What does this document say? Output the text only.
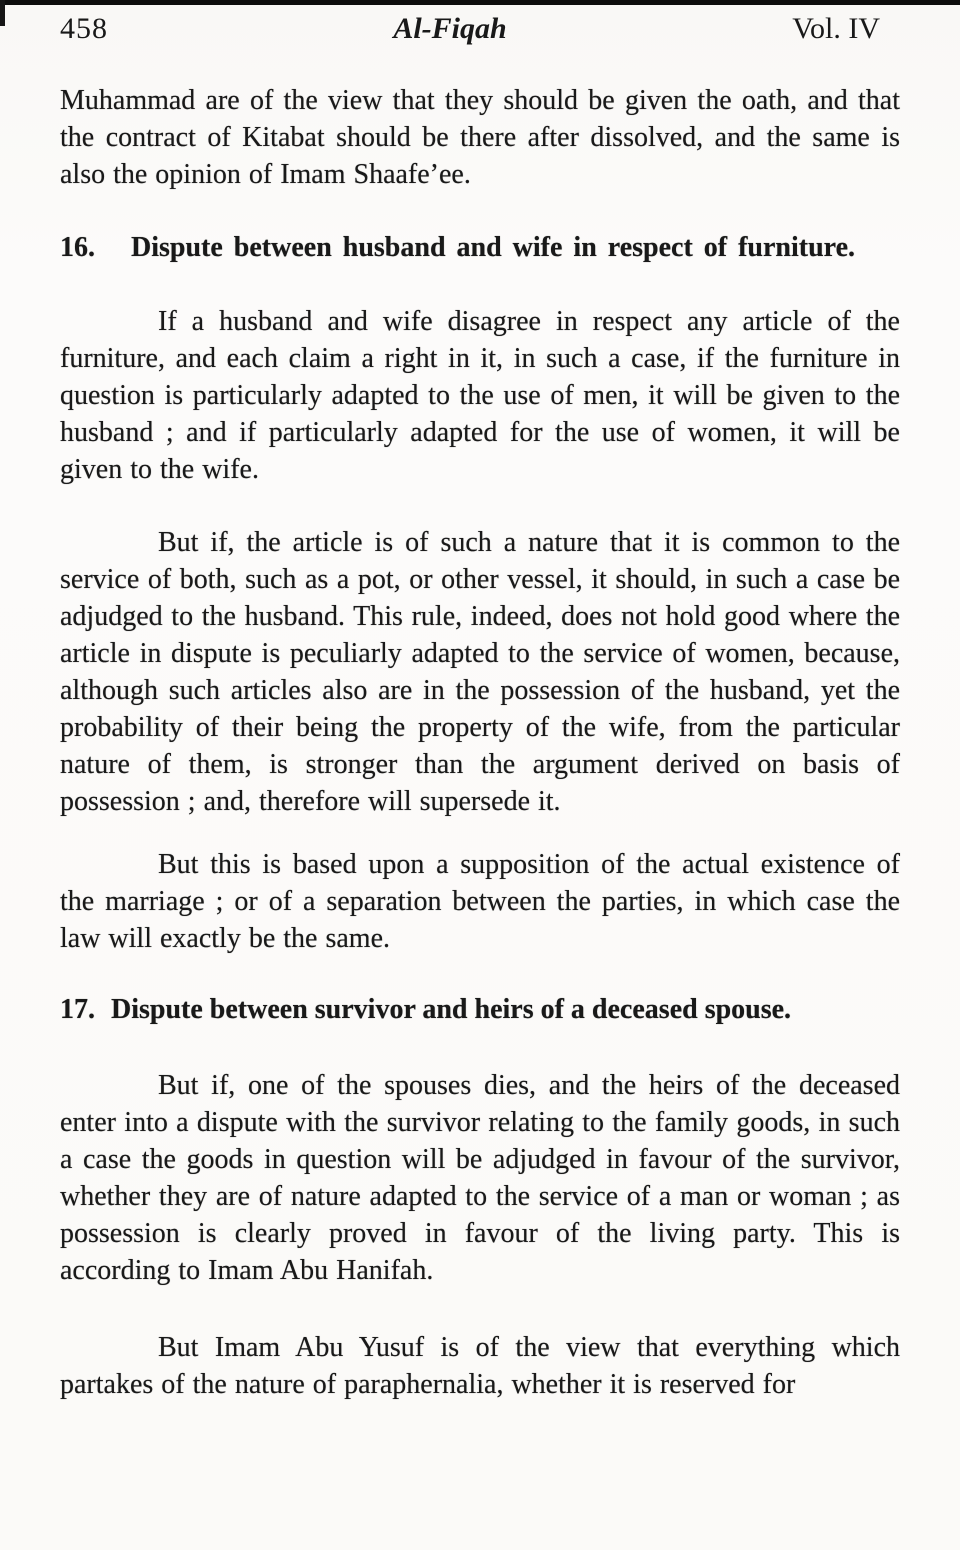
458	Al-Fiqah	Vol. IV

Muhammad are of the view that they should be given the oath, and that the contract of Kitabat should be there after dissolved, and the same is also the opinion of Imam Shaafe’ee.

16. Dispute between husband and wife in respect of furniture.

If a husband and wife disagree in respect any article of the furniture, and each claim a right in it, in such a case, if the furniture in question is particularly adapted to the use of men, it will be given to the husband ; and if particularly adapted for the use of women, it will be given to the wife.

But if, the article is of such a nature that it is common to the service of both, such as a pot, or other vessel, it should, in such a case be adjudged to the husband. This rule, indeed, does not hold good where the article in dispute is peculiarly adapted to the service of women, because, although such articles also are in the possession of the husband, yet the probability of their being the property of the wife, from the particular nature of them, is stronger than the argument derived on basis of possession ; and, therefore will supersede it.

But this is based upon a supposition of the actual existence of the marriage ; or of a separation between the parties, in which case the law will exactly be the same.

17. Dispute between survivor and heirs of a deceased spouse.

But if, one of the spouses dies, and the heirs of the deceased enter into a dispute with the survivor relating to the family goods, in such a case the goods in question will be adjudged in favour of the survivor, whether they are of nature adapted to the service of a man or woman ; as possession is clearly proved in favour of the living party. This is according to Imam Abu Hanifah.

But Imam Abu Yusuf is of the view that everything which partakes of the nature of paraphernalia, whether it is reserved for
